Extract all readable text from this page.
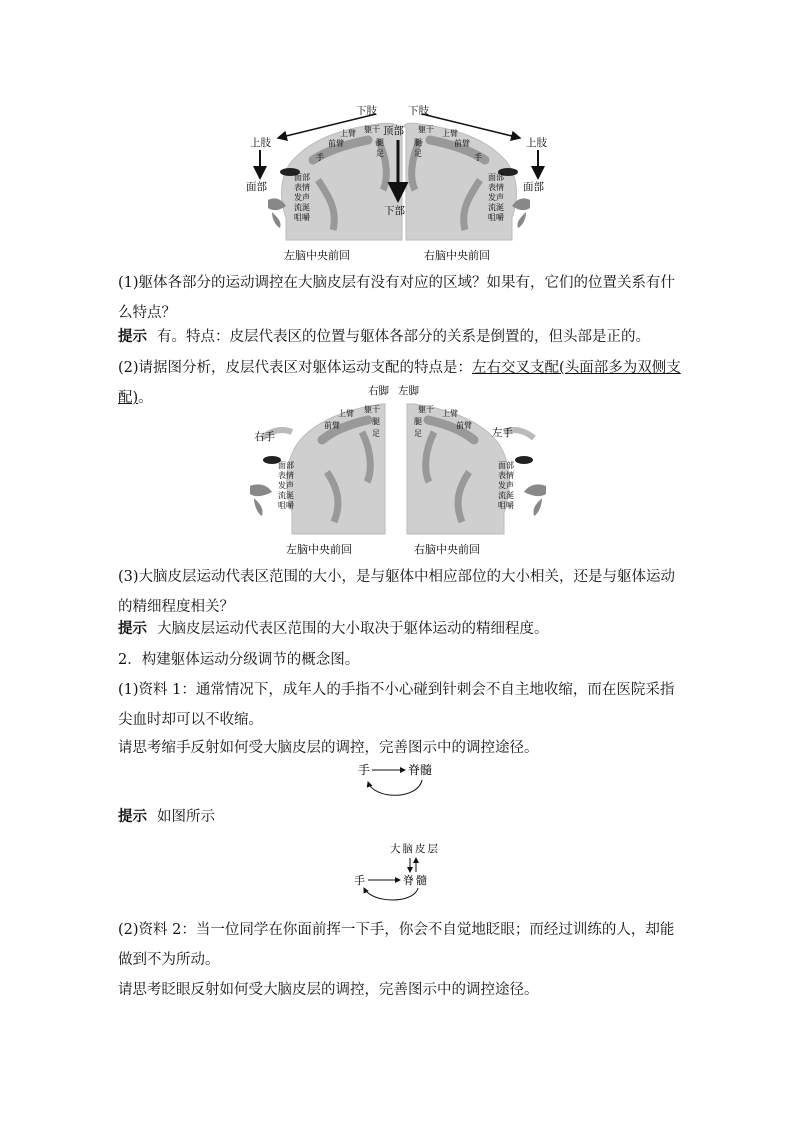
下肢	下肢
上肢	上肢
顶部
下部
面部	面部
躯干	躯干
腿	腿
足	足
手	手
上臂	上臂
前臂	前臂
面部
表情
发声
流涎
咀嚼
面部
表情
发声
流涎
咀嚼
左脑中央前回	右脑中央前回
(1)躯体各部分的运动调控在大脑皮层有没有对应的区域？如果有，它们的位置关系有什么特点？
提示 有。特点：皮层代表区的位置与躯体各部分的关系是倒置的，但头部是正的。
(2)请据图分析，皮层代表区对躯体运动支配的特点是：左右交叉支配(头面部多为双侧支配)。	右脚 左脚
右手	左手
躯干	躯干
腿	腿
足	足
上臂	上臂
前臂	前臂
面部
表情
发声
流涎
咀嚼
面部
表情
发声
流涎
咀嚼
左脑中央前回	右脑中央前回
(3)大脑皮层运动代表区范围的大小，是与躯体中相应部位的大小相关，还是与躯体运动的精细程度相关？
提示 大脑皮层运动代表区范围的大小取决于躯体运动的精细程度。
2．构建躯体运动分级调节的概念图。
(1)资料 1：通常情况下，成年人的手指不小心碰到针刺会不自主地收缩，而在医院采指尖血时却可以不收缩。
请思考缩手反射如何受大脑皮层的调控，完善图示中的调控途径。
手	脊髓
提示 如图所示
大脑皮层
手	脊髓
(2)资料 2：当一位同学在你面前挥一下手，你会不自觉地眨眼；而经过训练的人，却能做到不为所动。
请思考眨眼反射如何受大脑皮层的调控，完善图示中的调控途径。
